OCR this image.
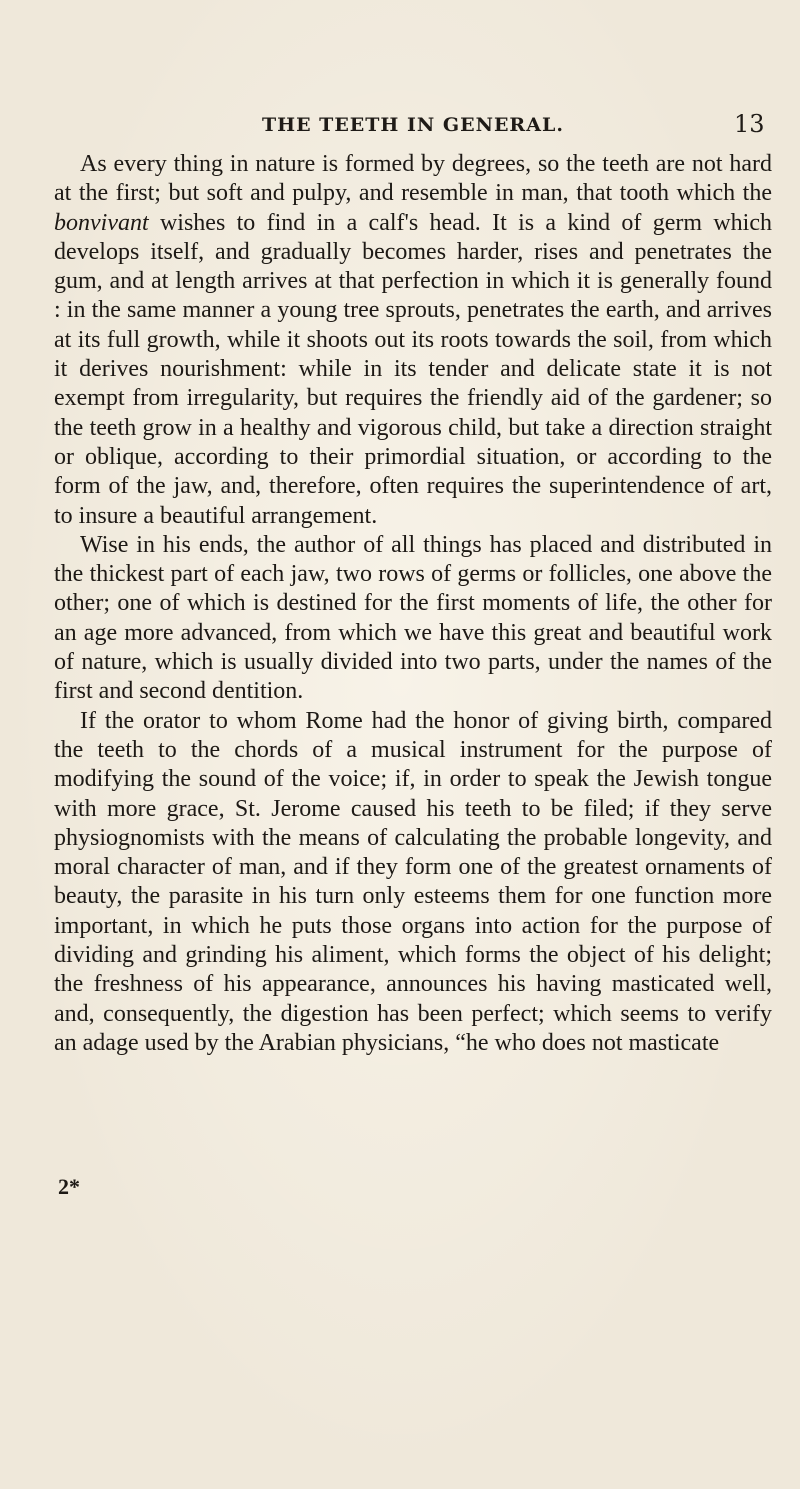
THE TEETH IN GENERAL.	13

As every thing in nature is formed by degrees, so the teeth are not hard at the first; but soft and pulpy, and resemble in man, that tooth which the bonvivant wishes to find in a calf's head. It is a kind of germ which develops itself, and gradually becomes harder, rises and penetrates the gum, and at length arrives at that perfection in which it is generally found : in the same manner a young tree sprouts, penetrates the earth, and arrives at its full growth, while it shoots out its roots towards the soil, from which it derives nourishment: while in its tender and delicate state it is not exempt from irregularity, but requires the friendly aid of the gardener; so the teeth grow in a healthy and vigorous child, but take a direction straight or oblique, according to their primordial situation, or according to the form of the jaw, and, therefore, often requires the superintendence of art, to insure a beautiful arrangement.

Wise in his ends, the author of all things has placed and distributed in the thickest part of each jaw, two rows of germs or follicles, one above the other; one of which is destined for the first moments of life, the other for an age more advanced, from which we have this great and beautiful work of nature, which is usually divided into two parts, under the names of the first and second dentition.

If the orator to whom Rome had the honor of giving birth, compared the teeth to the chords of a musical instrument for the purpose of modifying the sound of the voice; if, in order to speak the Jewish tongue with more grace, St. Jerome caused his teeth to be filed; if they serve physiognomists with the means of calculating the probable longevity, and moral character of man, and if they form one of the greatest ornaments of beauty, the parasite in his turn only esteems them for one function more important, in which he puts those organs into action for the purpose of dividing and grinding his aliment, which forms the object of his delight; the freshness of his appearance, announces his having masticated well, and, consequently, the digestion has been perfect; which seems to verify an adage used by the Arabian physicians, “he who does not masticate

2*
